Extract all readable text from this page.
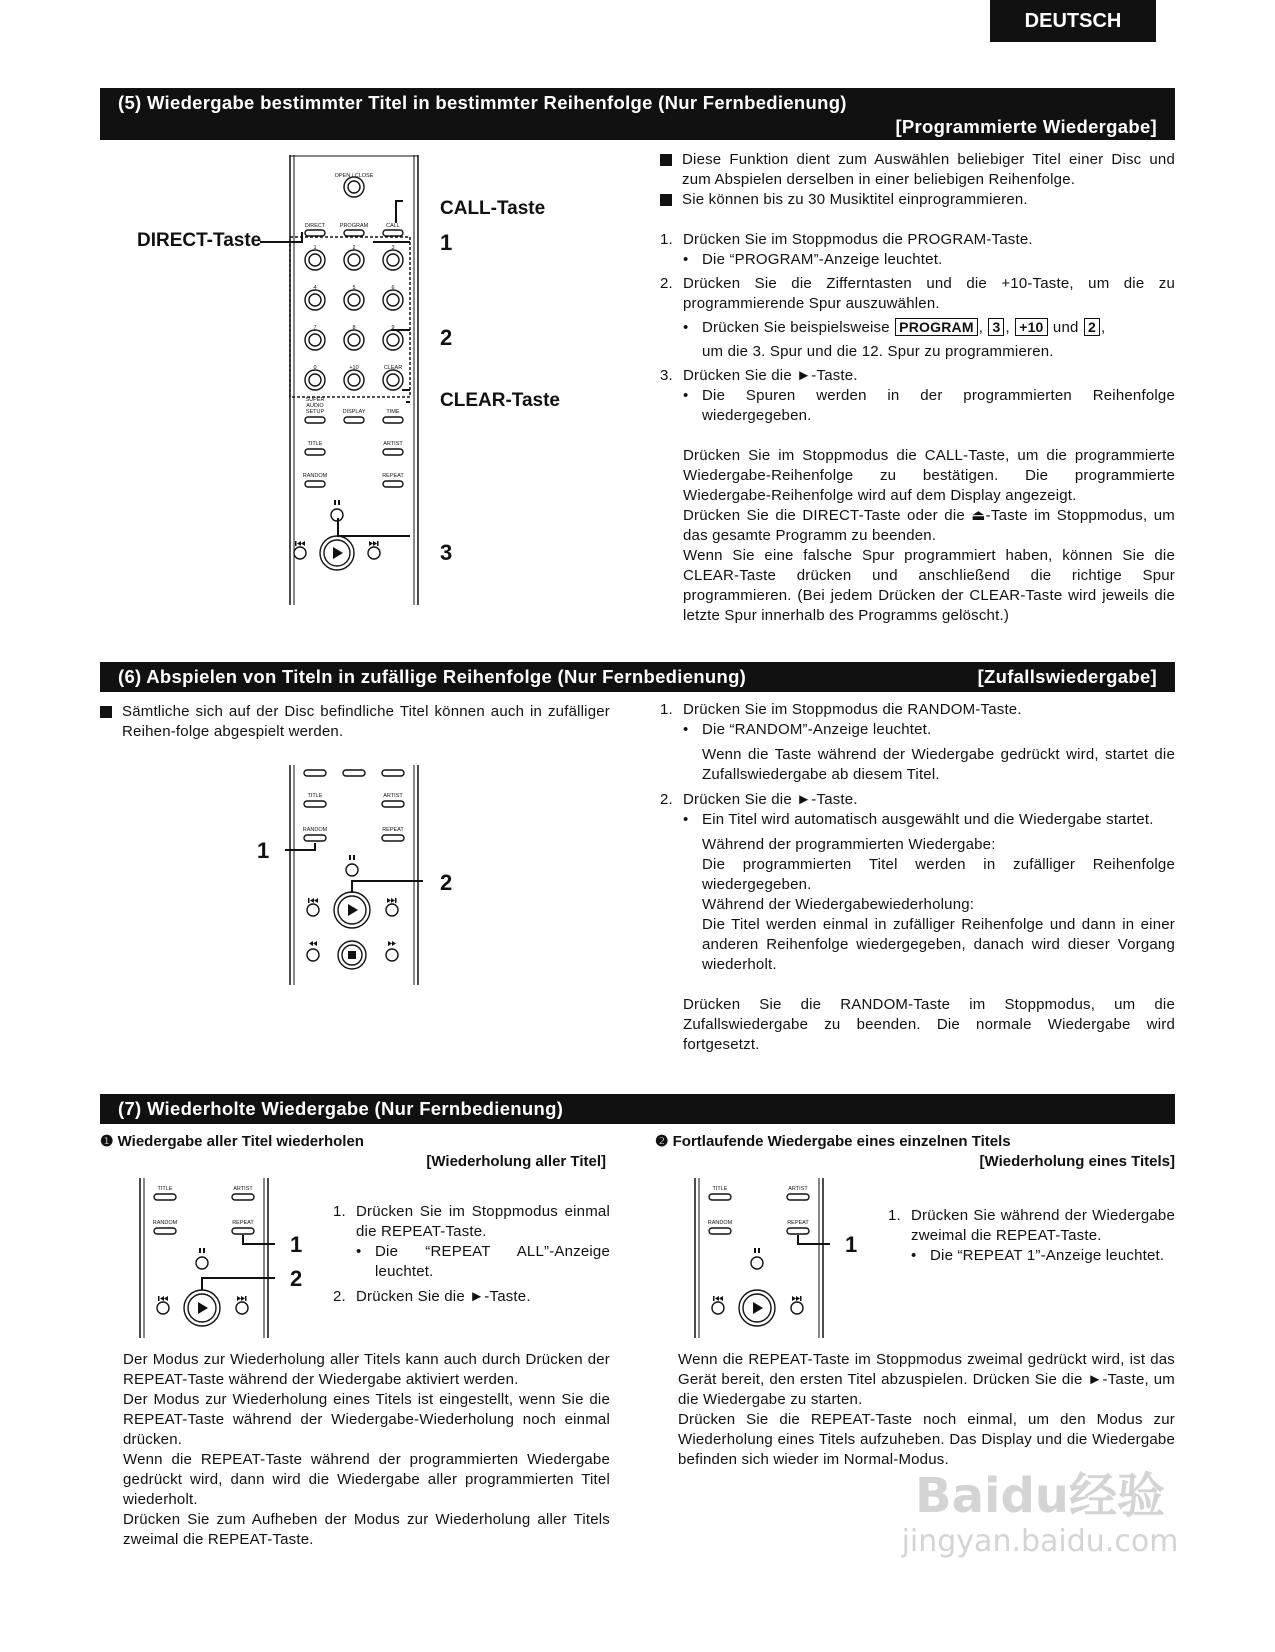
DEUTSCH
(5) Wiedergabe bestimmter Titel in bestimmter Reihenfolge (Nur Fernbedienung)
[Programmierte Wiedergabe]
OPEN / CLOSE
DIRECT	PROGRAM	CALL
1	2	3
4	5	6
7	8	9
0	+10	CLEAR
SUPER
AUDIO
SETUP	DISPLAY	TIME
TITLE	ARTIST
RANDOM	REPEAT
CALL-Taste
DIRECT-Taste	1
2
CLEAR-Taste
3
Diese Funktion dient zum Auswählen beliebiger Titel einer Disc und zum Abspielen derselben in einer beliebigen Reihenfolge.
Sie können bis zu 30 Musiktitel einprogrammieren.
1. Drücken Sie im Stoppmodus die PROGRAM-Taste.
• Die “PROGRAM”-Anzeige leuchtet.
2. Drücken Sie die Zifferntasten und die +10-Taste, um die zu programmierende Spur auszuwählen.
• Drücken Sie beispielsweise PROGRAM , 3 , +10 und 2 ,
um die 3. Spur und die 12. Spur zu programmieren.
3. Drücken Sie die ►-Taste.
• Die Spuren werden in der programmierten Reihenfolge wiedergegeben.
Drücken Sie im Stoppmodus die CALL-Taste, um die programmierte Wiedergabe-Reihenfolge zu bestätigen. Die programmierte Wiedergabe-Reihenfolge wird auf dem Display angezeigt.
Drücken Sie die DIRECT-Taste oder die ⏏-Taste im Stoppmodus, um das gesamte Programm zu beenden.
Wenn Sie eine falsche Spur programmiert haben, können Sie die CLEAR-Taste drücken und anschließend die richtige Spur programmieren. (Bei jedem Drücken der CLEAR-Taste wird jeweils die letzte Spur innerhalb des Programms gelöscht.)
(6) Abspielen von Titeln in zufällige Reihenfolge (Nur Fernbedienung)	[Zufallswiedergabe]
Sämtliche sich auf der Disc befindliche Titel können auch in zufälliger Reihen-folge abgespielt werden.
TITLE	ARTIST
RANDOM	REPEAT
1
2
1. Drücken Sie im Stoppmodus die RANDOM-Taste.
• Die “RANDOM”-Anzeige leuchtet.
Wenn die Taste während der Wiedergabe gedrückt wird, startet die Zufallswiedergabe ab diesem Titel.
2. Drücken Sie die ►-Taste.
• Ein Titel wird automatisch ausgewählt und die Wiedergabe startet.
Während der programmierten Wiedergabe:
Die programmierten Titel werden in zufälliger Reihenfolge wiedergegeben.
Während der Wiedergabewiederholung:
Die Titel werden einmal in zufälliger Reihenfolge und dann in einer anderen Reihenfolge wiedergegeben, danach wird dieser Vorgang wiederholt.
Drücken Sie die RANDOM-Taste im Stoppmodus, um die Zufallswiedergabe zu beenden. Die normale Wiedergabe wird fortgesetzt.
(7) Wiederholte Wiedergabe (Nur Fernbedienung)
❶ Wiedergabe aller Titel wiederholen
[Wiederholung aller Titel]
TITLE	ARTIST
RANDOM	REPEAT
1
2
1. Drücken Sie im Stoppmodus einmal die REPEAT-Taste.
• Die “REPEAT ALL”-Anzeige leuchtet.
2. Drücken Sie die ►-Taste.
Der Modus zur Wiederholung aller Titels kann auch durch Drücken der REPEAT-Taste während der Wiedergabe aktiviert werden.
Der Modus zur Wiederholung eines Titels ist eingestellt, wenn Sie die REPEAT-Taste während der Wiedergabe-Wiederholung noch einmal drücken.
Wenn die REPEAT-Taste während der programmierten Wiedergabe gedrückt wird, dann wird die Wiedergabe aller programmierten Titel wiederholt.
Drücken Sie zum Aufheben der Modus zur Wiederholung aller Titels zweimal die REPEAT-Taste.
❷ Fortlaufende Wiedergabe eines einzelnen Titels
[Wiederholung eines Titels]
TITLE	ARTIST
RANDOM	REPEAT
1
1. Drücken Sie während der Wiedergabe zweimal die REPEAT-Taste.
• Die “REPEAT 1”-Anzeige leuchtet.
Wenn die REPEAT-Taste im Stoppmodus zweimal gedrückt wird, ist das Gerät bereit, den ersten Titel abzuspielen. Drücken Sie die ►-Taste, um die Wiedergabe zu starten.
Drücken Sie die REPEAT-Taste noch einmal, um den Modus zur Wiederholung eines Titels aufzuheben. Das Display und die Wiedergabe befinden sich wieder im Normal-Modus.
Baidu经验
jingyan.baidu.com
